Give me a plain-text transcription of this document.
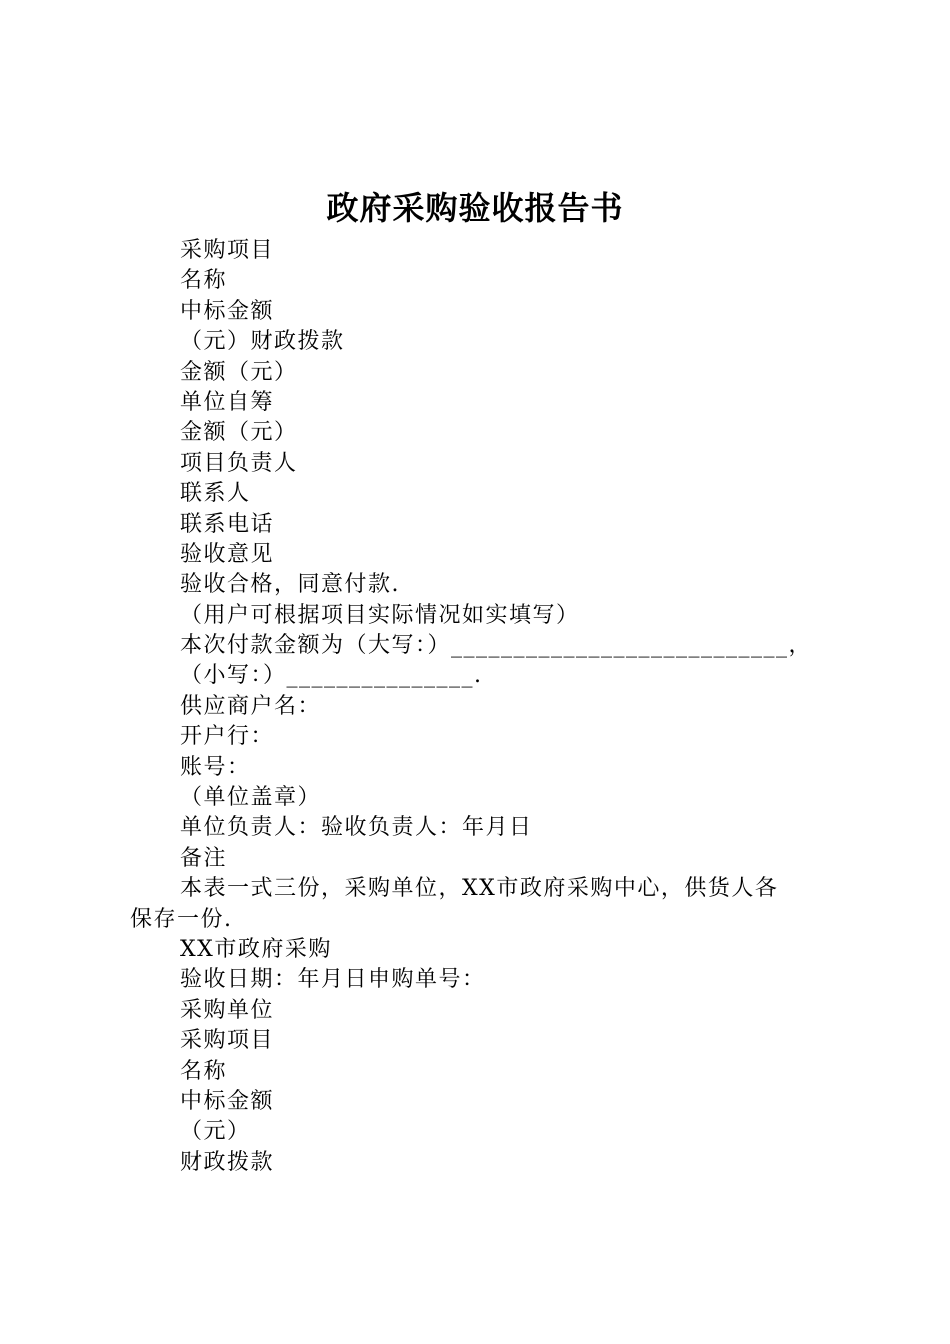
政府采购验收报告书
采购项目
名称
中标金额
（元）财政拨款
金额（元）
单位自筹
金额（元）
项目负责人
联系人
联系电话
验收意见
验收合格，同意付款.
（用户可根据项目实际情况如实填写）
本次付款金额为（大写：）___________________________，
（小写：）_______________.
供应商户名：
开户行：
账号：
（单位盖章）
单位负责人：验收负责人：年月日
备注
本表一式三份，采购单位，XX市政府采购中心，供货人各
保存一份.
XX市政府采购
验收日期：年月日申购单号：
采购单位
采购项目
名称
中标金额
（元）
财政拨款
